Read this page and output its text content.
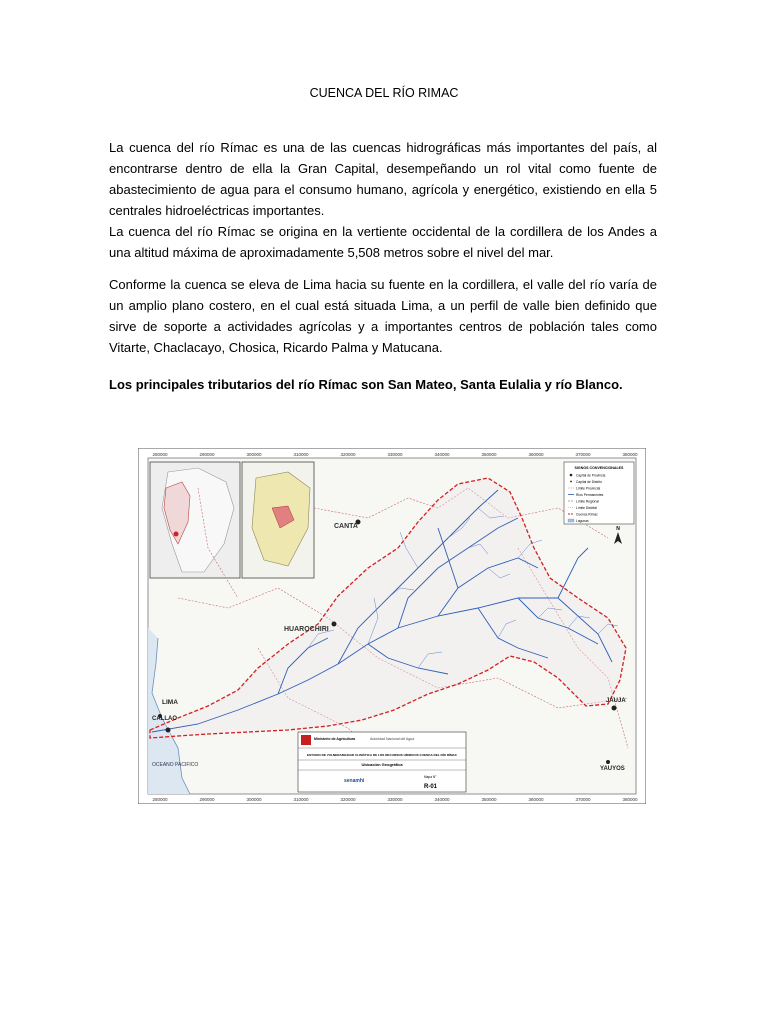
CUENCA DEL RÍO RIMAC
La cuenca del río Rímac es una de las cuencas hidrográficas más importantes del país, al encontrarse dentro de ella la Gran Capital, desempeñando un rol vital como fuente de abastecimiento de agua para el consumo humano, agrícola y energético, existiendo en ella 5 centrales hidroeléctricas importantes.
La cuenca del río Rímac se origina en la vertiente occidental de la cordillera de los Andes a una altitud máxima de aproximadamente 5,508 metros sobre el nivel del mar.
Conforme la cuenca se eleva de Lima hacia su fuente en la cordillera, el valle del río varía de un amplio plano costero, en el cual está situada Lima, a un perfil de valle bien definido que sirve de soporte a actividades agrícolas y a importantes centros de población tales como Vitarte, Chaclacayo, Chosica, Ricardo Palma y Matucana.
Los principales tributarios del río Rímac son San Mateo, Santa Eulalia y río Blanco.
CANTA
HUAROCHIRI
LIMA
CALLAO
OCEANO PACIFICO
JAUJA
YAUYOS
SIGNOS CONVENCIONALES
Capital de Provincia
Capital de Distrito
Límite Provincial
Ríos Permanentes
Límite Regional
Límite Distrital
Cuenca Rímac
Lagunas
N
Ministerio de Agricultura	Autoridad Nacional del Agua
ESTUDIO DE VULNERABILIDAD CLIMÁTICA DE LOS RECURSOS HÍDRICOS CUENCA DEL RÍO RÍMAC
Ubicación Geográfica
senamhi
Mapa N°
R-01
280000	290000	300000	310000	320000	330000	340000	350000	360000	370000	380000
280000	290000	300000	310000	320000	330000	340000	350000	360000	370000	380000
